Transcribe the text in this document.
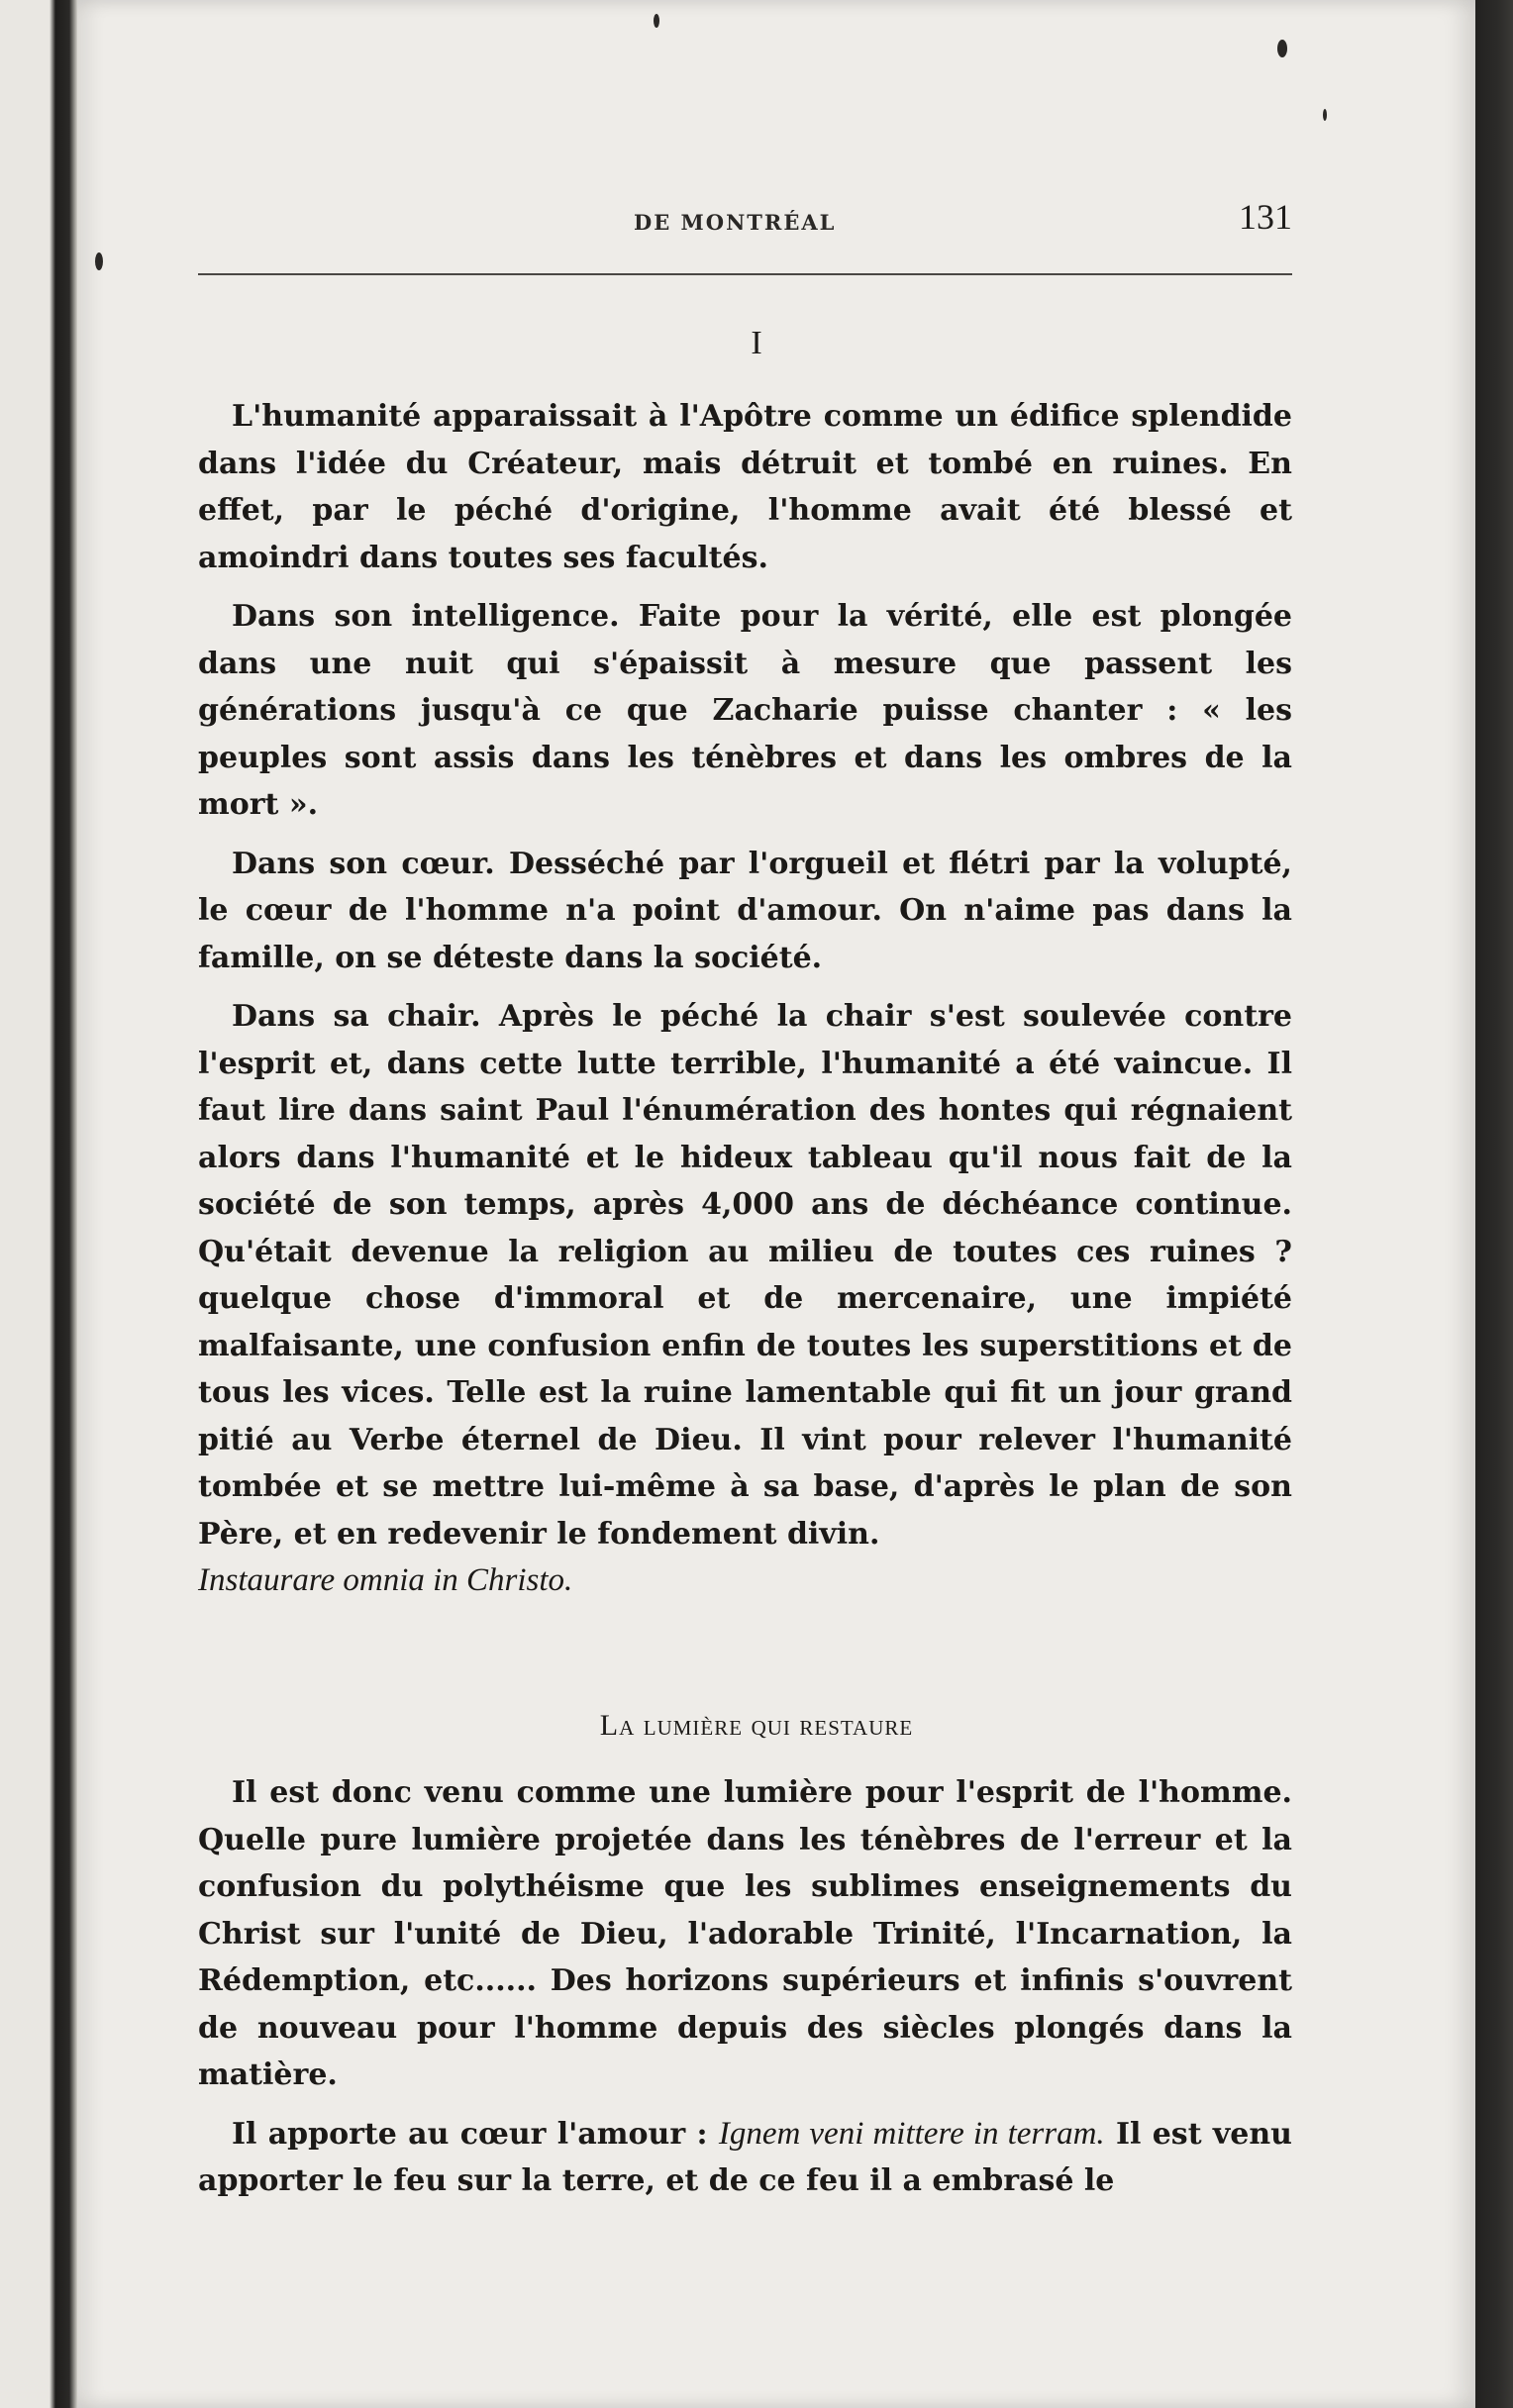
DE MONTRÉAL	131
I

L'humanité apparaissait à l'Apôtre comme un édifice splendide dans l'idée du Créateur, mais détruit et tombé en ruines. En effet, par le péché d'origine, l'homme avait été blessé et amoindri dans toutes ses facultés.

Dans son intelligence. Faite pour la vérité, elle est plongée dans une nuit qui s'épaissit à mesure que passent les générations jusqu'à ce que Zacharie puisse chanter : « les peuples sont assis dans les ténèbres et dans les ombres de la mort ».

Dans son cœur. Desséché par l'orgueil et flétri par la volupté, le cœur de l'homme n'a point d'amour. On n'aime pas dans la famille, on se déteste dans la société.

Dans sa chair. Après le péché la chair s'est soulevée contre l'esprit et, dans cette lutte terrible, l'humanité a été vaincue. Il faut lire dans saint Paul l'énumération des hontes qui régnaient alors dans l'humanité et le hideux tableau qu'il nous fait de la société de son temps, après 4,000 ans de déchéance continue. Qu'était devenue la religion au milieu de toutes ces ruines ? quelque chose d'immoral et de mercenaire, une impiété malfaisante, une confusion enfin de toutes les superstitions et de tous les vices. Telle est la ruine lamentable qui fit un jour grand pitié au Verbe éternel de Dieu. Il vint pour relever l'humanité tombée et se mettre lui-même à sa base, d'après le plan de son Père, et en redevenir le fondement divin.

Instaurare omnia in Christo.

La lumière qui restaure

Il est donc venu comme une lumière pour l'esprit de l'homme. Quelle pure lumière projetée dans les ténèbres de l'erreur et la confusion du polythéisme que les sublimes enseignements du Christ sur l'unité de Dieu, l'adorable Trinité, l'Incarnation, la Rédemption, etc...... Des horizons supérieurs et infinis s'ouvrent de nouveau pour l'homme depuis des siècles plongés dans la matière.

Il apporte au cœur l'amour : Ignem veni mittere in terram. Il est venu apporter le feu sur la terre, et de ce feu il a embrasé le
